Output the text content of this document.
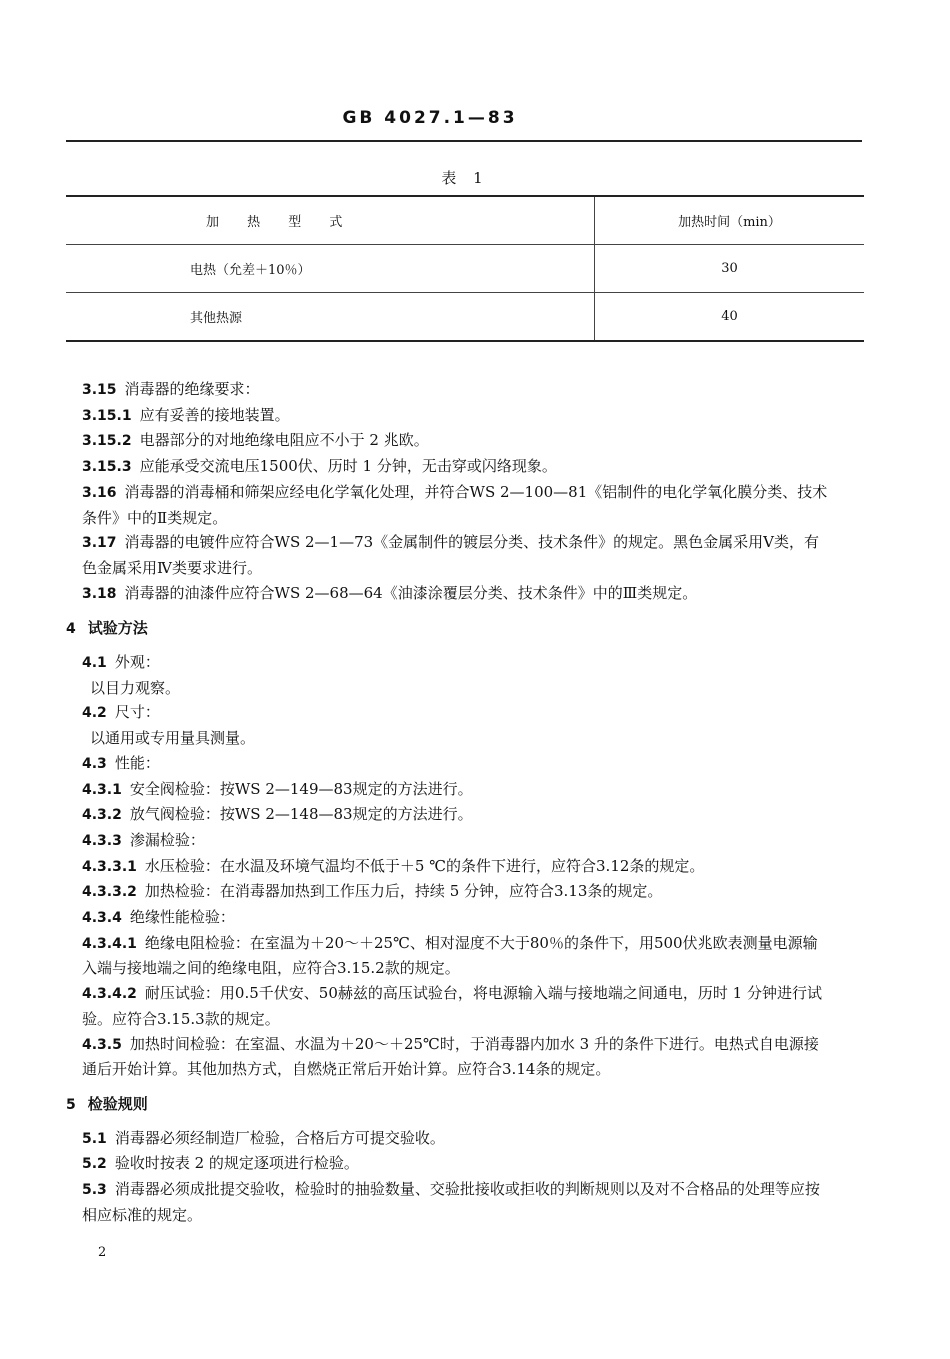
GB 4027.1—83
表 1
加 热 型 式	加热时间（min）
电热（允差＋10％）	30
其他热源	40
3.15 消毒器的绝缘要求：
3.15.1 应有妥善的接地装置。
3.15.2 电器部分的对地绝缘电阻应不小于 2 兆欧。
3.15.3 应能承受交流电压1500伏、历时 1 分钟，无击穿或闪络现象。
3.16 消毒器的消毒桶和筛架应经电化学氧化处理，并符合WS 2—100—81《铝制件的电化学氧化膜分类、技术条件》中的Ⅱ类规定。
3.17 消毒器的电镀件应符合WS 2—1—73《金属制件的镀层分类、技术条件》的规定。黑色金属采用Ⅴ类，有色金属采用Ⅳ类要求进行。
3.18 消毒器的油漆件应符合WS 2—68—64《油漆涂覆层分类、技术条件》中的Ⅲ类规定。
4 试验方法
4.1 外观：
以目力观察。
4.2 尺寸：
以通用或专用量具测量。
4.3 性能：
4.3.1 安全阀检验：按WS 2—149—83规定的方法进行。
4.3.2 放气阀检验：按WS 2—148—83规定的方法进行。
4.3.3 渗漏检验：
4.3.3.1 水压检验：在水温及环境气温均不低于＋5 ℃的条件下进行，应符合3.12条的规定。
4.3.3.2 加热检验：在消毒器加热到工作压力后，持续 5 分钟，应符合3.13条的规定。
4.3.4 绝缘性能检验：
4.3.4.1 绝缘电阻检验：在室温为＋20～＋25℃、相对湿度不大于80％的条件下，用500伏兆欧表测量电源输入端与接地端之间的绝缘电阻，应符合3.15.2款的规定。
4.3.4.2 耐压试验：用0.5千伏安、50赫兹的高压试验台，将电源输入端与接地端之间通电，历时 1 分钟进行试验。应符合3.15.3款的规定。
4.3.5 加热时间检验：在室温、水温为＋20～＋25℃时，于消毒器内加水 3 升的条件下进行。电热式自电源接通后开始计算。其他加热方式，自燃烧正常后开始计算。应符合3.14条的规定。
5 检验规则
5.1 消毒器必须经制造厂检验，合格后方可提交验收。
5.2 验收时按表 2 的规定逐项进行检验。
5.3 消毒器必须成批提交验收，检验时的抽验数量、交验批接收或拒收的判断规则以及对不合格品的处理等应按相应标准的规定。
2
